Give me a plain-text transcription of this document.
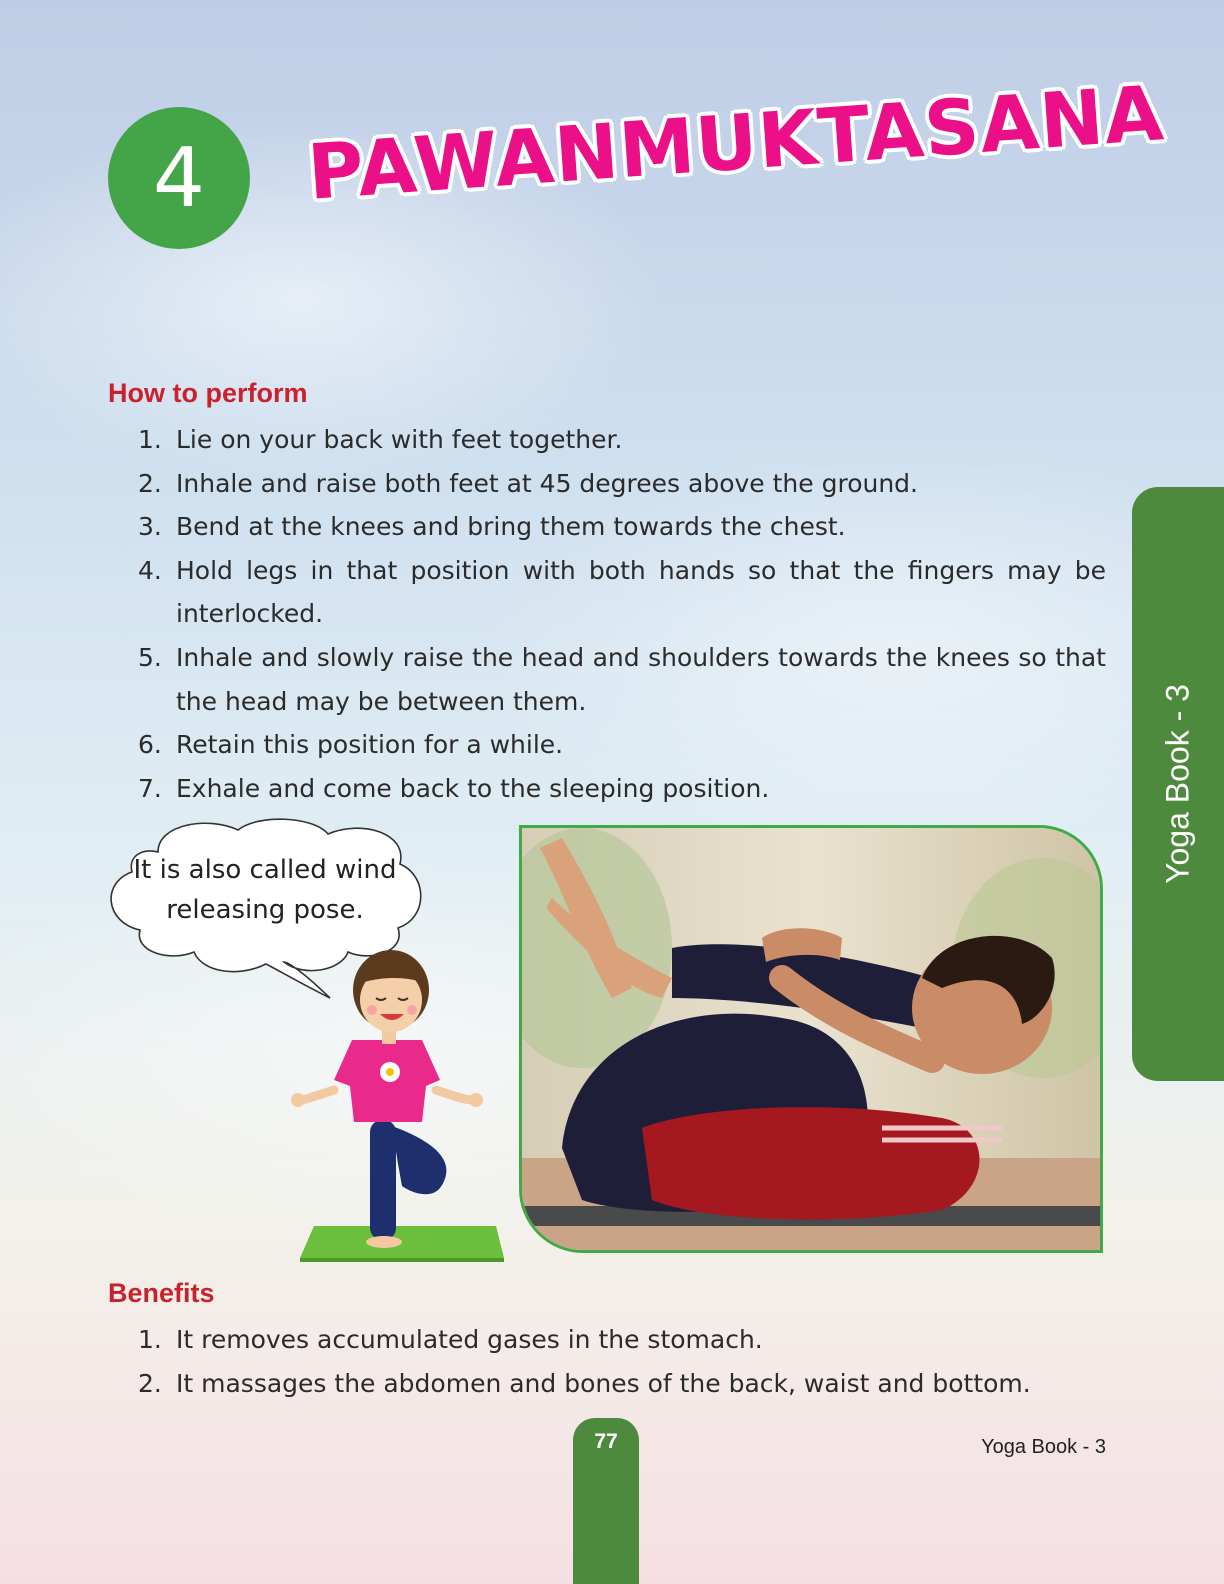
4 PAWANMUKTASANA
How to perform
1. Lie on your back with feet together.
2. Inhale and raise both feet at 45 degrees above the ground.
3. Bend at the knees and bring them towards the chest.
4. Hold legs in that position with both hands so that the fingers may be interlocked.
5. Inhale and slowly raise the head and shoulders towards the knees so that the head may be between them.
6. Retain this position for a while.
7. Exhale and come back to the sleeping position.	Yoga Book - 3
It is also called wind
releasing pose.
Benefits
1. It removes accumulated gases in the stomach.
2. It massages the abdomen and bones of the back, waist and bottom.
77	Yoga Book - 3
